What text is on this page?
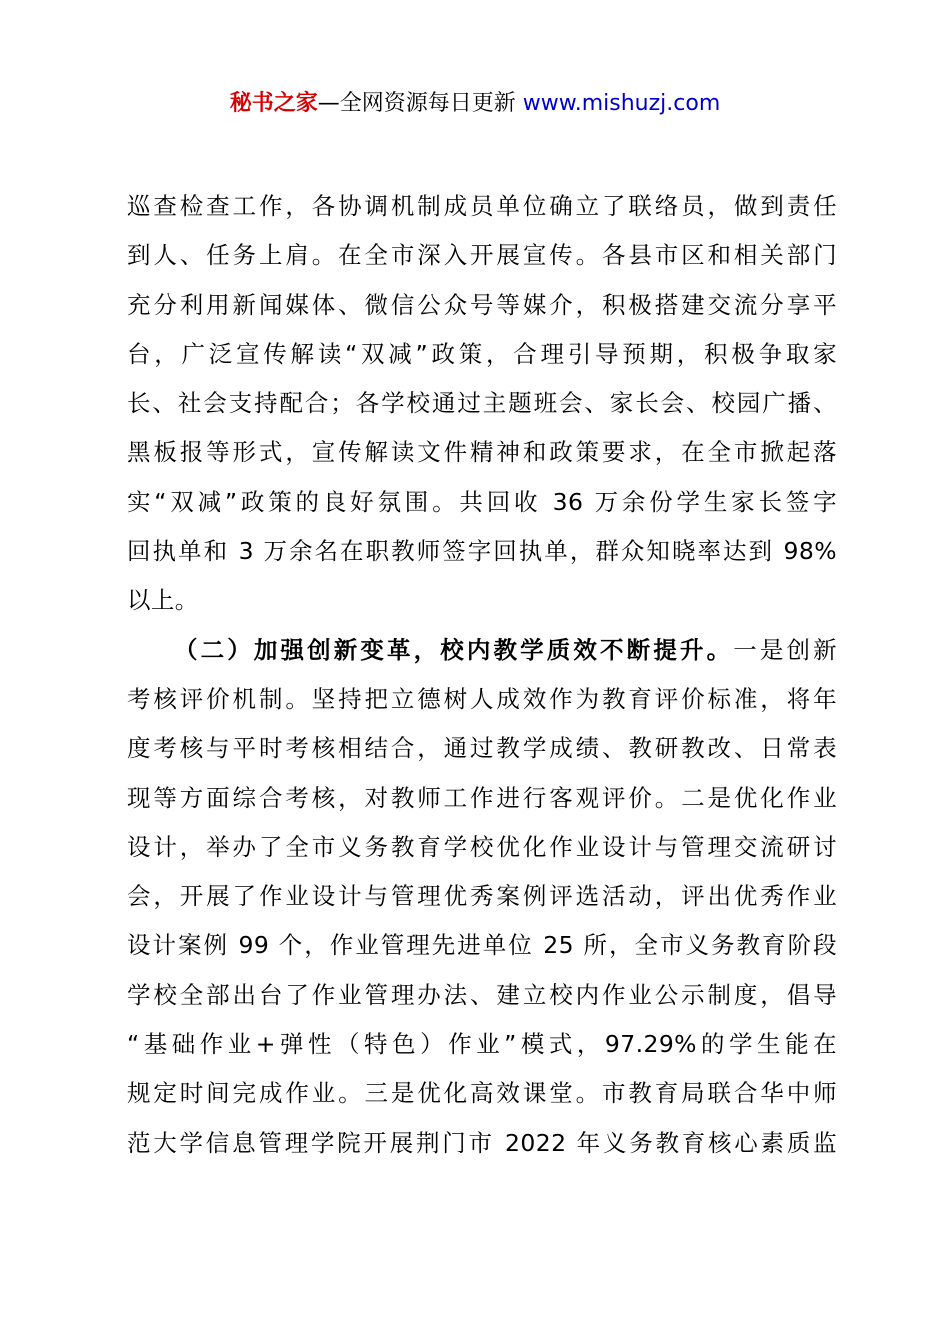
秘书之家—全网资源每日更新 www.mishuzj.com
巡查检查工作，各协调机制成员单位确立了联络员，做到责任
到人、任务上肩。在全市深入开展宣传。各县市区和相关部门
充分利用新闻媒体、微信公众号等媒介，积极搭建交流分享平
台，广泛宣传解读“双减”政策，合理引导预期，积极争取家
长、社会支持配合；各学校通过主题班会、家长会、校园广播、
黑板报等形式，宣传解读文件精神和政策要求，在全市掀起落
实“双减”政策的良好氛围。共回收 36 万余份学生家长签字
回执单和 3 万余名在职教师签字回执单，群众知晓率达到 98%
以上。
（二）加强创新变革，校内教学质效不断提升。一是创新
考核评价机制。坚持把立德树人成效作为教育评价标准，将年
度考核与平时考核相结合，通过教学成绩、教研教改、日常表
现等方面综合考核，对教师工作进行客观评价。二是优化作业
设计，举办了全市义务教育学校优化作业设计与管理交流研讨
会，开展了作业设计与管理优秀案例评选活动，评出优秀作业
设计案例 99 个，作业管理先进单位 25 所，全市义务教育阶段
学校全部出台了作业管理办法、建立校内作业公示制度，倡导
“基础作业+弹性（特色）作业”模式，97.29%的学生能在
规定时间完成作业。三是优化高效课堂。市教育局联合华中师
范大学信息管理学院开展荆门市 2022 年义务教育核心素质监
